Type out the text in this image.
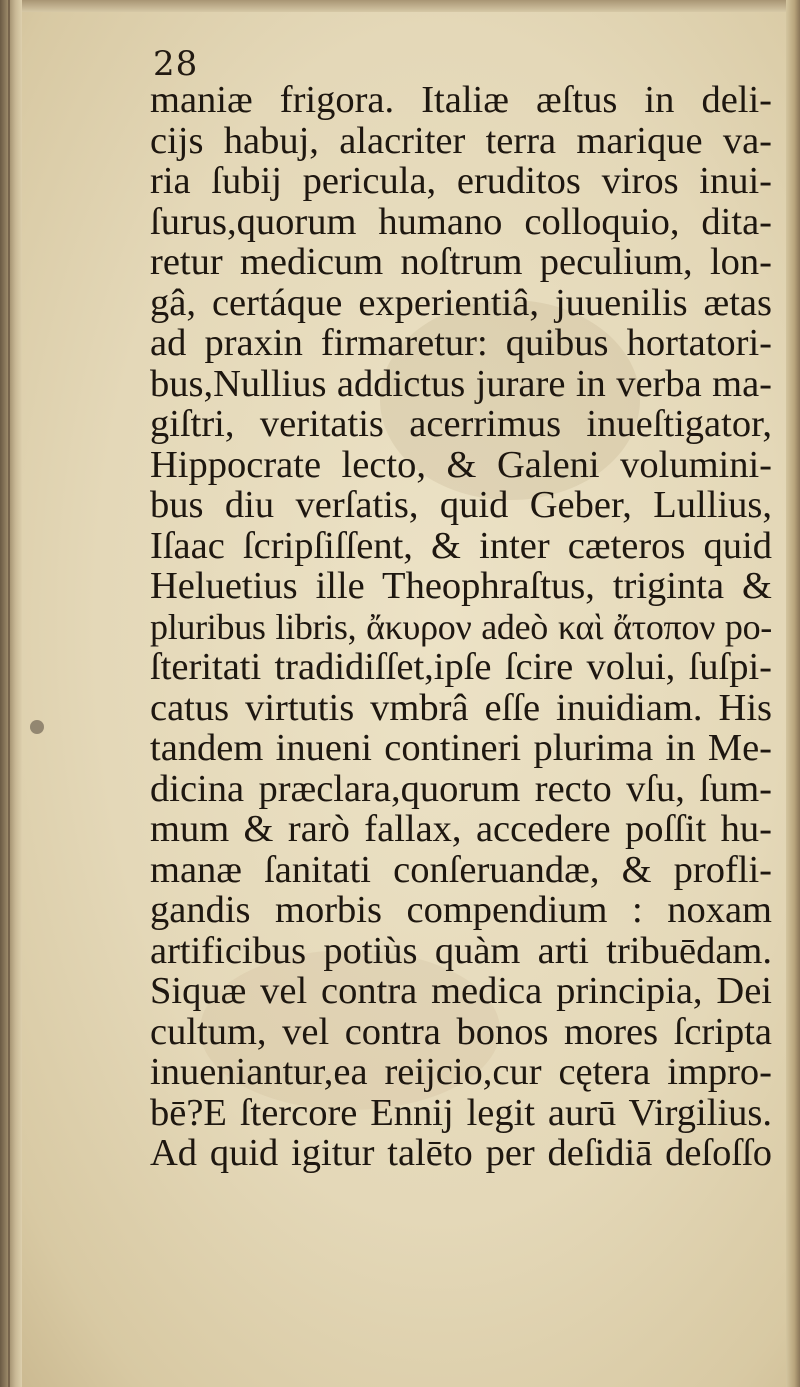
28
maniæ frigora. Italiæ æſtus in deli-
cijs habuj, alacriter terra marique va-
ria ſubij pericula, eruditos viros inui-
ſurus,quorum humano colloquio, dita-
retur medicum noſtrum peculium, lon-
gâ, certáque experientiâ, juuenilis ætas
ad praxin firmaretur: quibus hortatori-
bus,Nullius addictus jurare in verba ma-
giſtri, veritatis acerrimus inueſtigator,
Hippocrate lecto, & Galeni volumini-
bus diu verſatis, quid Geber, Lullius,
Iſaac ſcripſiſſent, & inter cæteros quid
Heluetius ille Theophraſtus, triginta &
pluribus libris, ἄκυρον adeò καὶ ἄτοπον po-
ſteritati tradidiſſet,ipſe ſcire volui, ſuſpi-
catus virtutis vmbrâ eſſe inuidiam. His
tandem inueni contineri plurima in Me-
dicina præclara,quorum recto vſu, ſum-
mum & rarò fallax, accedere poſſit hu-
manæ ſanitati conſeruandæ, & profli-
gandis morbis compendium : noxam
artificibus potiùs quàm arti tribuēdam.
Siquæ vel contra medica principia, Dei
cultum, vel contra bonos mores ſcripta
inueniantur,ea reijcio,cur cętera impro-
bē?E ſtercore Ennij legit aurū Virgilius.
Ad quid igitur talēto per deſidiā deſoſſo
